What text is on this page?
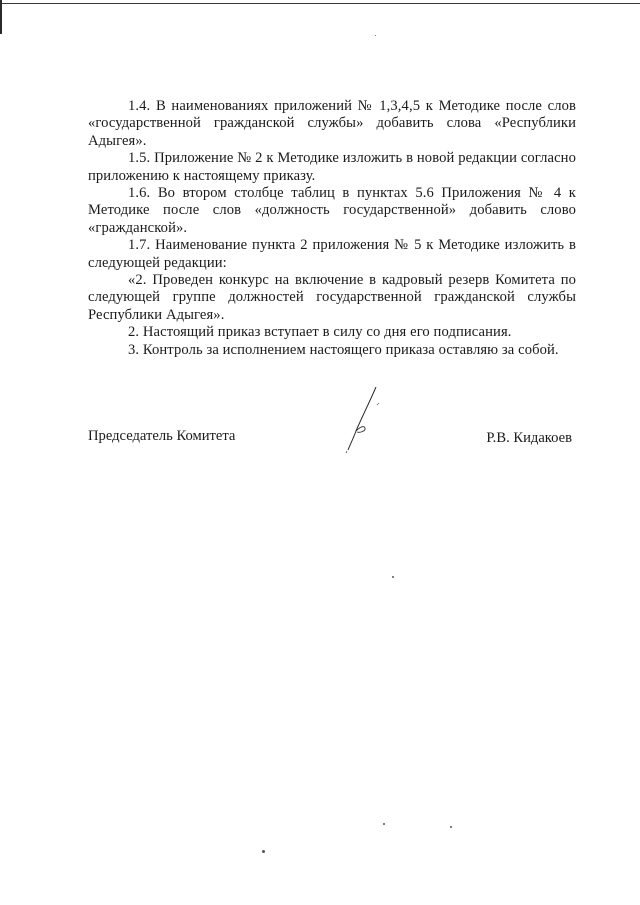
1.4. В наименованиях приложений № 1,3,4,5 к Методике после слов «государственной гражданской службы» добавить слова «Республики Адыгея».

1.5. Приложение № 2 к Методике изложить в новой редакции согласно приложению к настоящему приказу.

1.6. Во втором столбце таблиц в пунктах 5.6 Приложения № 4 к Методике после слов «должность государственной» добавить слово «гражданской».

1.7. Наименование пункта 2 приложения № 5 к Методике изложить в следующей редакции:

«2. Проведен конкурс на включение в кадровый резерв Комитета по следующей группе должностей государственной гражданской службы Республики Адыгея».

2. Настоящий приказ вступает в силу со дня его подписания.

3. Контроль за исполнением настоящего приказа оставляю за собой.

Председатель Комитета	Р.В. Кидакоев
